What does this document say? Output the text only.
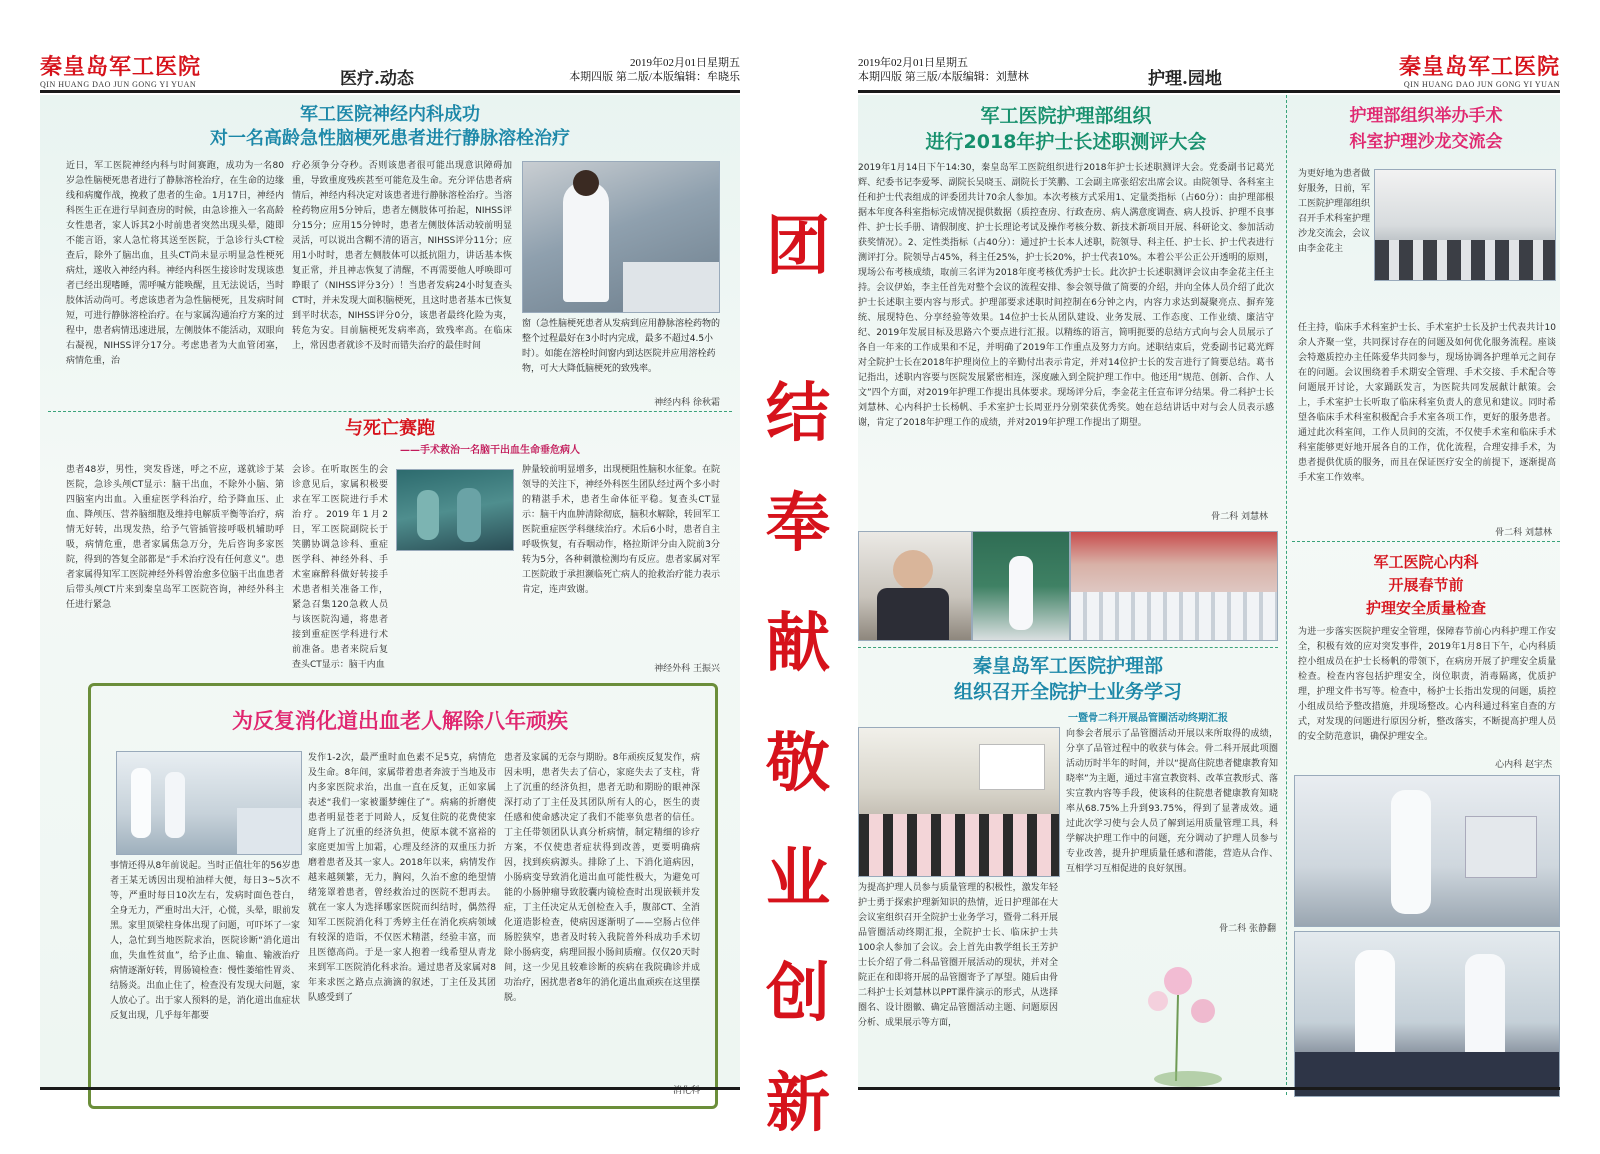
团
结
奉
献
敬
业
创
新
秦皇岛军工医院
QIN HUANG DAO JUN GONG YI YUAN	医疗.动态
2019年02月01日星期五
本期四版 第二版/本版编辑：牟晓乐
军工医院神经内科成功
对一名高龄急性脑梗死患者进行静脉溶栓治疗
近日，军工医院神经内科与时间赛跑，成功为一名80岁急性脑梗死患者进行了静脉溶栓治疗，在生命的边缘线和病魔作战，挽救了患者的生命。1月17日，神经内科医生正在进行早间查房的时候，由急诊推入一名高龄女性患者，家人诉其2小时前患者突然出现头晕，随即不能言语，家人急忙将其送至医院，于急诊行头CT检查后，除外了脑出血，且头CT尚未显示明显急性梗死病灶，遂收入神经内科。神经内科医生接诊时发现该患者已经出现嗜睡，需呼喊方能唤醒，且无法说话，当时肢体活动尚可。考虑该患者为急性脑梗死，且发病时间短，可进行静脉溶栓治疗。在与家属沟通治疗方案的过程中，患者病情迅速进展，左侧肢体不能活动，双眼向右凝视，NIHSS评分17分。考虑患者为大血管闭塞，病情危重，治
疗必须争分夺秒。否则该患者很可能出现意识障碍加重，导致重度残疾甚至可能危及生命。充分评估患者病情后，神经内科决定对该患者进行静脉溶栓治疗。当溶栓药物应用5分钟后，患者左侧肢体可抬起，NIHSS评分15分；应用15分钟时，患者左侧肢体活动较前明显灵活，可以说出含糊不清的语言，NIHSS评分11分；应用1小时时，患者左侧肢体可以抵抗阻力，讲话基本恢复正常，并且神志恢复了清醒，不再需要他人呼唤即可睁眼了（NIHSS评分3分）！当患者发病24小时复查头CT时，并未发现大面积脑梗死，且这时患者基本已恢复到平时状态，NIHSS评分0分，该患者最终化险为夷，转危为安。目前脑梗死发病率高，致残率高。在临床上，常因患者就诊不及时而错失治疗的最佳时间
窗（急性脑梗死患者从发病到应用静脉溶栓药物的整个过程最好在3小时内完成，最多不超过4.5小时）。如能在溶栓时间窗内到达医院并应用溶栓药物，可大大降低脑梗死的致残率。
神经内科 徐秋霜
与死亡赛跑
——手术救治一名脑干出血生命垂危病人
患者48岁，男性，突发昏迷，呼之不应，遂就诊于某医院，急诊头颅CT显示：脑干出血，不除外小脑、第四脑室内出血。入重症医学科治疗，给予降血压、止血、降颅压、营养脑细胞及维持电解质平衡等治疗，病情无好转，出现发热，给予气管插管接呼吸机辅助呼吸，病情危重，患者家属焦急万分，先后咨询多家医院，得到的答复全部都是“手术治疗没有任何意义”。患者家属得知军工医院神经外科曾治愈多位脑干出血患者后带头颅CT片来到秦皇岛军工医院咨询，神经外科主任进行紧急
会诊。在听取医生的会诊意见后，家属积极要求在军工医院进行手术治疗。2019年1月2日，军工医院副院长于笑鹏协调急诊科、重症医学科、神经外科、手术室麻醉科做好转接手术患者相关准备工作，紧急召集120急救人员与该医院沟通，将患者接到重症医学科进行术前准备。患者来院后复查头CT显示：脑干内血
肿量较前明显增多，出现梗阻性脑积水征象。在院领导的关注下，神经外科医生团队经过两个多小时的精湛手术，患者生命体征平稳。复查头CT显示：脑干内血肿清除彻底，脑积水解除，转回军工医院重症医学科继续治疗。术后6小时，患者自主呼吸恢复，有吞咽动作，格拉斯评分由入院前3分转为5分，各种刺激检测均有反应。患者家属对军工医院敢于承担濒临死亡病人的抢救治疗能力表示肯定，连声致谢。
神经外科 王振兴
为反复消化道出血老人解除八年顽疾
事情还得从8年前说起。当时正值壮年的56岁患者王某无诱因出现柏油样大便，每日3~5次不等，严重时每日10次左右，发病时面色苍白，全身无力，严重时出大汗，心慌，头晕，眼前发黑。家里顶梁柱身体出现了问题，可吓坏了一家人，急忙到当地医院求治，医院诊断“消化道出血，失血性贫血”，给予止血、输血、输液治疗病情逐渐好转，胃肠镜检查：慢性萎缩性胃炎、结肠炎。出血止住了，检查没有发现大问题，家人放心了。出于家人预料的是，消化道出血症状反复出现，几乎每年都要
发作1-2次，最严重时血色素不足5克，病情危及生命。8年间，家属带着患者奔波于当地及市内多家医院求治，出血一直在反复，正如家属表述“我们一家被噩梦缠住了”。病痛的折磨使患者明显苍老于同龄人，反复住院的花费使家庭背上了沉重的经济负担，使原本就不富裕的家庭更加雪上加霜，心理及经济的双重压力折磨着患者及其一家人。2018年以来，病情发作越来越频繁，无力，胸闷，久治不愈的绝望情绪笼罩着患者，曾经救治过的医院不想再去。就在一家人为选择哪家医院而纠结时，偶然得知军工医院消化科丁秀婷主任在消化疾病领域有较深的造诣，不仅医术精湛，经验丰富，而且医德高尚。于是一家人抱着一线希望从青龙来到军工医院消化科求治。通过患者及家属对8年来求医之路点点滴滴的叙述，丁主任及其团队感受到了
患者及家属的无奈与期盼。8年顽疾反复发作，病因未明，患者失去了信心，家庭失去了支柱，背上了沉重的经济负担，患者无助和期盼的眼神深深打动了丁主任及其团队所有人的心，医生的责任感和使命感决定了我们不能辜负患者的信任。丁主任带领团队认真分析病情，制定精细的诊疗方案，不仅使患者症状得到改善，更要明确病因，找到疾病源头。排除了上、下消化道病因，小肠病变导致消化道出血可能性极大，为避免可能的小肠肿瘤导致胶囊内镜检查时出现嵌顿并发症，丁主任决定从无创检查入手，腹部CT、全消化道造影检查，使病因逐渐明了——空肠占位伴肠腔狭窄，患者及时转入我院普外科成功手术切除小肠病变，病理回报小肠间质瘤。仅仅20天时间，这一少见且较难诊断的疾病在我院确诊并成功治疗，困扰患者8年的消化道出血顽疾在这里摆脱。
消化科
2019年02月01日星期五
本期四版 第三版/本版编辑：刘慧林	护理.园地	秦皇岛军工医院
QIN HUANG DAO JUN GONG YI YUAN
军工医院护理部组织
进行2018年护士长述职测评大会
2019年1月14日下午14:30，秦皇岛军工医院组织进行2018年护士长述职测评大会。党委副书记葛光辉、纪委书记李爱琴、副院长吴晓玉、副院长于笑鹏、工会副主席张绍宏出席会议。由院领导、各科室主任和护士代表组成的评委团共计70余人参加。本次考核方式采用1、定量类指标（占60分）：由护理部根据本年度各科室指标完成情况提供数据（质控查房、行政查房、病人满意度调查、病人投诉、护理不良事件、护士长手册、请假制度、护士长理论考试及操作考核分数、新技术新项目开展、科研论文、参加活动获奖情况）。2、定性类指标（占40分）：通过护士长本人述职，院领导、科主任、护士长、护士代表进行测评打分。院领导占45%，科主任25%，护士长20%，护士代表10%。本着公平公正公开透明的原则，现场公布考核成绩，取前三名评为2018年度考核优秀护士长。此次护士长述职测评会议由李金花主任主持。会议伊始，李主任首先对整个会议的流程安排、参会领导做了简要的介绍，并向全体人员介绍了此次护士长述职主要内容与形式。护理部要求述职时间控制在6分钟之内，内容力求达到凝聚亮点、摒弃笼统、展现特色、分享经验等效果。14位护士长从团队建设、业务发展、工作态度、工作业绩、廉洁守纪、2019年发展目标及思路六个要点进行汇报。以精练的语言，简明扼要的总结方式向与会人员展示了各自一年来的工作成果和不足，并明确了2019年工作重点及努力方向。述职结束后，党委副书记葛光辉对全院护士长在2018年护理岗位上的辛勤付出表示肯定，并对14位护士长的发言进行了简要总结。葛书记指出，述职内容要与医院发展紧密相连，深度融入到全院护理工作中。他还用“规范、创新、合作、人文”四个方面，对2019年护理工作提出具体要求。现场评分后，李金花主任宣布评分结果。骨二科护士长刘慧林、心内科护士长杨帆、手术室护士长周亚丹分别荣获优秀奖。她在总结讲话中对与会人员表示感谢，肯定了2018年护理工作的成绩，并对2019年护理工作提出了期望。
骨二科 刘慧林
秦皇岛军工医院护理部
组织召开全院护士业务学习
一暨骨二科开展品管圈活动终期汇报
向参会者展示了品管圈活动开展以来所取得的成绩，分享了品管过程中的收获与体会。骨二科开展此项圈活动历时半年的时间，并以“提高住院患者健康教育知晓率”为主题，通过丰富宣教资料、改革宣教形式、落实宣教内容等手段，使该科的住院患者健康教育知晓率从68.75%上升到93.75%，得到了显著成效。通过此次学习使与会人员了解到运用质量管理工具，科学解决护理工作中的问题，充分调动了护理人员参与专业改善，提升护理质量任感和潜能，营造从合作、互相学习互相促进的良好氛围。
骨二科 张静翻
为提高护理人员参与质量管理的积极性，激发年轻护士勇于探索护理新知识的热情，近日护理部在大会议室组织召开全院护士业务学习，暨骨二科开展品管圈活动终期汇报，全院护士长、临床护士共100余人参加了会议。会上首先由教学组长王芳护士长介绍了骨二科品管圈开展活动的现状，并对全院正在和即将开展的品管圈寄予了厚望。随后由骨二科护士长刘慧林以PPT课件演示的形式，从选择圈名、设计圈徽、确定品管圈活动主题、问题原因分析、成果展示等方面，
护理部组织举办手术
科室护理沙龙交流会
为更好地为患者做好服务，日前，军工医院护理部组织召开手术科室护理沙龙交流会，会议由李金花主
任主持，临床手术科室护士长、手术室护士长及护士代表共计10余人齐聚一堂，共同探讨存在的问题及如何优化服务流程。座谈会特邀质控办主任陈爱华共同参与，现场协调各护理单元之间存在的问题。会议围绕着手术期安全管理、手术交接、手术配合等问题展开讨论，大家踊跃发言，为医院共同发展献计献策。会上，手术室护士长听取了临床科室负责人的意见和建议。同时希望各临床手术科室积极配合手术室各项工作，更好的服务患者。通过此次科室间，工作人员间的交流，不仅使手术室和临床手术科室能够更好地开展各自的工作，优化流程，合理安排手术，为患者提供优质的服务，而且在保证医疗安全的前提下，逐渐提高手术室工作效率。
骨二科 刘慧林
军工医院心内科
开展春节前
护理安全质量检查
为进一步落实医院护理安全管理，保障春节前心内科护理工作安全，积极有效的应对突发事件，2019年1月8日下午，心内科质控小组成员在护士长杨帆的带领下，在病房开展了护理安全质量检查。检查内容包括护理安全，岗位职责，消毒隔离，优质护理，护理文件书写等。检查中，杨护士长指出发现的问题，质控小组成员给予整改措施，并现场整改。心内科通过科室自查的方式，对发现的问题进行原因分析，整改落实，不断提高护理人员的安全防范意识，确保护理安全。
心内科 赵宇杰
